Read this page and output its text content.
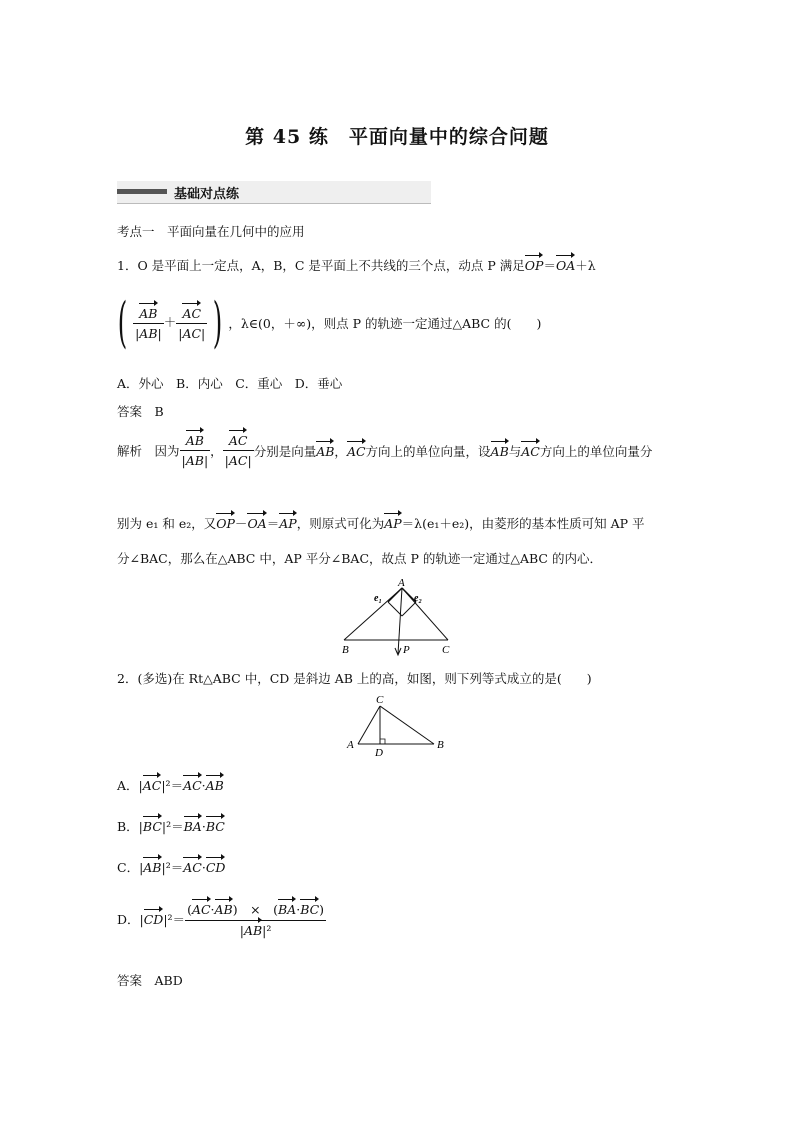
第 45 练　平面向量中的综合问题
基础对点练
考点一　平面向量在几何中的应用
1．O 是平面上一定点，A，B，C 是平面上不共线的三个点，动点 P 满足OP＝OA＋λ
( $\frac{AB}{|AB|} + \frac{AC}{|AC|}$ ) ，λ∈(0，＋∞)，则点 P 的轨迹一定通过△ABC 的(　　)
A．外心　B．内心　C．重心　D．垂心
答案　B
解析　因为 $\frac{AB}{|AB|}$ ， $\frac{AC}{|AC|}$ 分别是向量AB，AC方向上的单位向量，设AB与AC方向上的单位向量分
别为 e₁ 和 e₂，又OP－OA＝AP，则原式可化为AP＝λ(e₁＋e₂)，由菱形的基本性质可知 AP 平
分∠BAC，那么在△ABC 中，AP 平分∠BAC，故点 P 的轨迹一定通过△ABC 的内心．
A
e₁	e₂
B	C
P
2．(多选)在 Rt△ABC 中，CD 是斜边 AB 上的高，如图，则下列等式成立的是(　　)
C
A	B
D
A．|AC|²＝AC·AB
B．|BC|²＝BA·BC
C．|AB|²＝AC·CD
D．$|CD|^2= \frac{(AC\cdot AB) \times (BA\cdot BC)}{\text{|AB|²}}$
答案　ABD
